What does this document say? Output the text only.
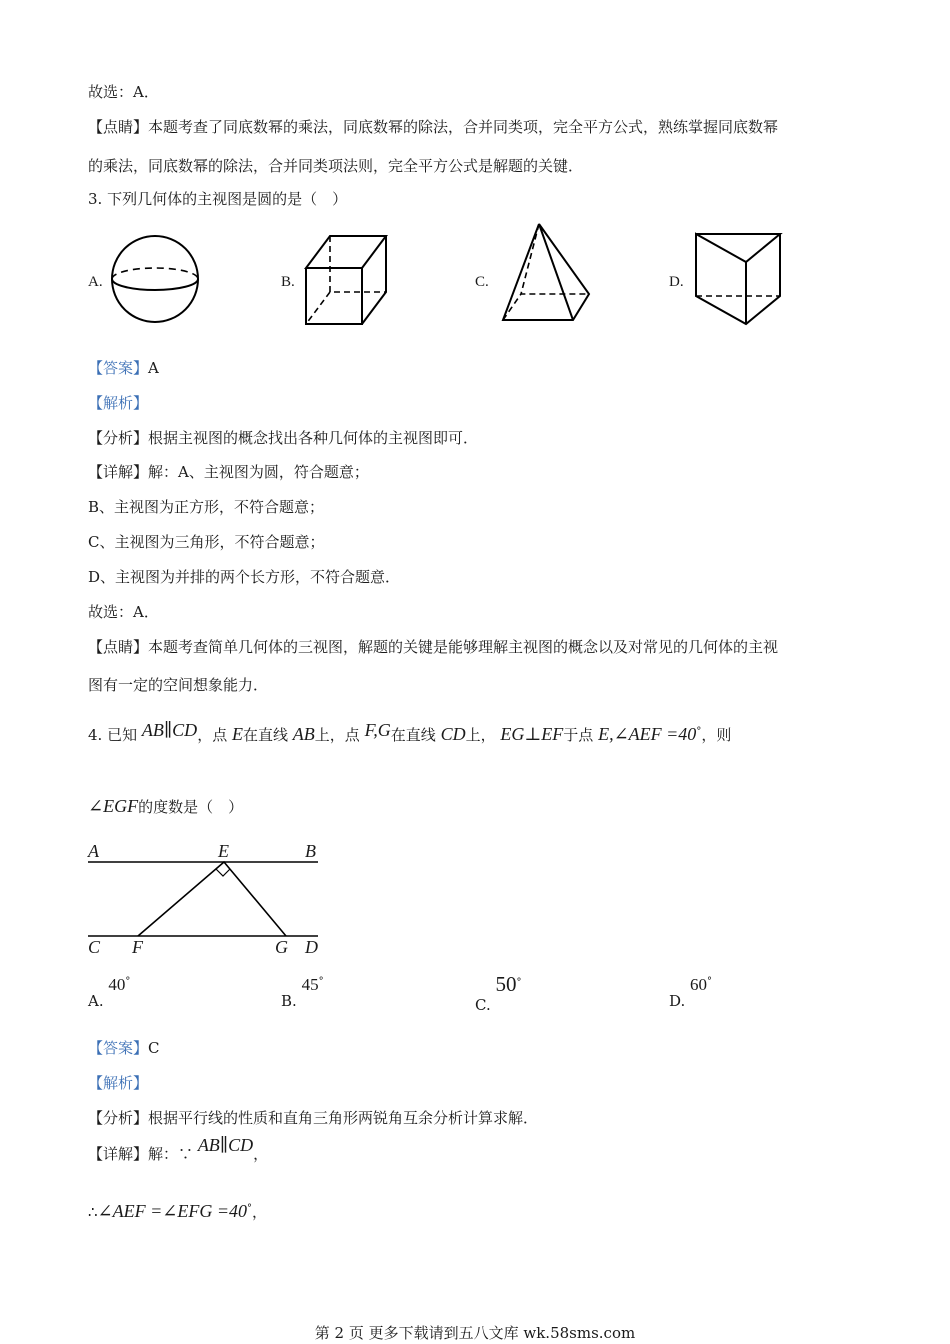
故选：A．
【点睛】本题考查了同底数幂的乘法，同底数幂的除法，合并同类项，完全平方公式，熟练掌握同底数幂
的乘法，同底数幂的除法，合并同类项法则，完全平方公式是解题的关键．
3. 下列几何体的主视图是圆的是（　）
A.	B.	C.	D.
【答案】A
【解析】
【分析】根据主视图的概念找出各种几何体的主视图即可．
【详解】解：A、主视图为圆，符合题意；
B、主视图为正方形，不符合题意；
C、主视图为三角形，不符合题意；
D、主视图为并排的两个长方形，不符合题意．
故选：A．
【点睛】本题考查简单几何体的三视图，解题的关键是能够理解主视图的概念以及对常见的几何体的主视
图有一定的空间想象能力．
4. 已知 AB∥CD，点 E在直线 AB上，点 F,G在直线 CD上， EG⊥EF于点 E,∠AEF =40°，则
∠EGF的度数是（　）
A	E	B
C F	G D
A. 40°
B. 45°
C. 50°
D. 60°
【答案】C
【解析】
【分析】根据平行线的性质和直角三角形两锐角互余分析计算求解．
【详解】解：∵ AB∥CD，
∴∠AEF =∠EFG =40°，
第 2 页 更多下载请到五八文库 wk.58sms.com
